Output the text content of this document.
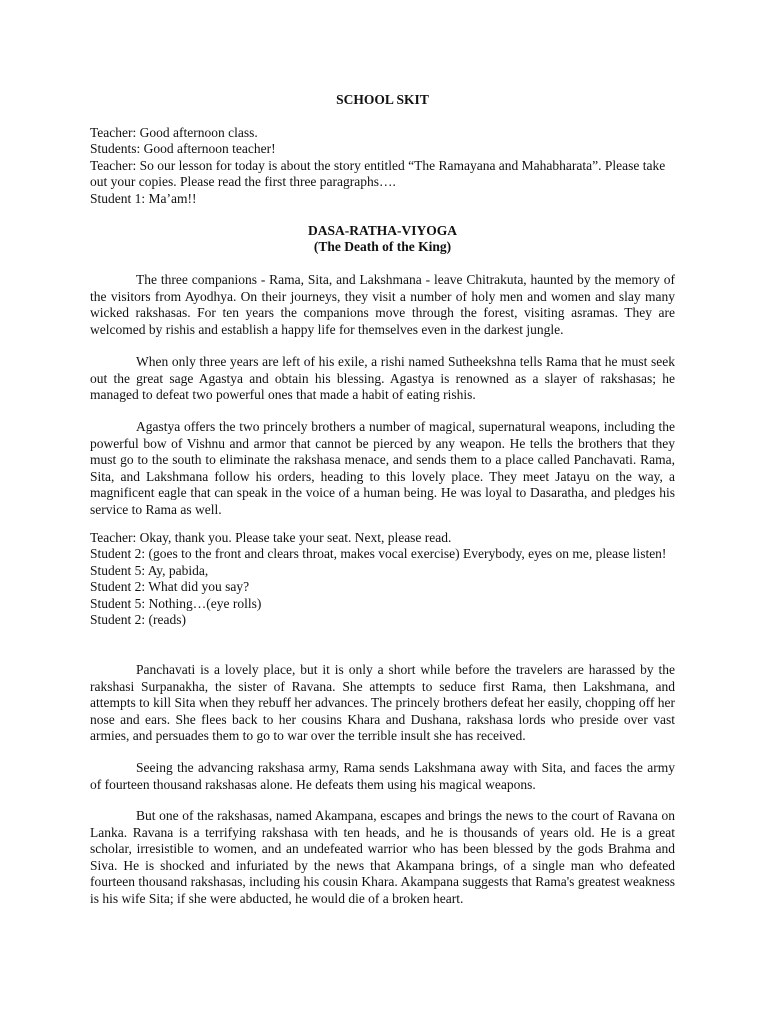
SCHOOL SKIT

Teacher: Good afternoon class.
Students: Good afternoon teacher!
Teacher: So our lesson for today is about the story entitled “The Ramayana and Mahabharata”. Please take out your copies. Please read the first three paragraphs….
Student 1: Ma’am!!
DASA-RATHA-VIYOGA
(The Death of the King)

The three companions - Rama, Sita, and Lakshmana - leave Chitrakuta, haunted by the memory of the visitors from Ayodhya. On their journeys, they visit a number of holy men and women and slay many wicked rakshasas. For ten years the companions move through the forest, visiting asramas. They are welcomed by rishis and establish a happy life for themselves even in the darkest jungle.

When only three years are left of his exile, a rishi named Sutheekshna tells Rama that he must seek out the great sage Agastya and obtain his blessing. Agastya is renowned as a slayer of rakshasas; he managed to defeat two powerful ones that made a habit of eating rishis.

Agastya offers the two princely brothers a number of magical, supernatural weapons, including the powerful bow of Vishnu and armor that cannot be pierced by any weapon. He tells the brothers that they must go to the south to eliminate the rakshasa menace, and sends them to a place called Panchavati. Rama, Sita, and Lakshmana follow his orders, heading to this lovely place. They meet Jatayu on the way, a magnificent eagle that can speak in the voice of a human being. He was loyal to Dasaratha, and pledges his service to Rama as well.

Teacher: Okay, thank you. Please take your seat. Next, please read.
Student 2: (goes to the front and clears throat, makes vocal exercise) Everybody, eyes on me, please listen!
Student 5: Ay, pabida,
Student 2: What did you say?
Student 5: Nothing…(eye rolls)
Student 2: (reads)

Panchavati is a lovely place, but it is only a short while before the travelers are harassed by the rakshasi Surpanakha, the sister of Ravana. She attempts to seduce first Rama, then Lakshmana, and attempts to kill Sita when they rebuff her advances. The princely brothers defeat her easily, chopping off her nose and ears. She flees back to her cousins Khara and Dushana, rakshasa lords who preside over vast armies, and persuades them to go to war over the terrible insult she has received.

Seeing the advancing rakshasa army, Rama sends Lakshmana away with Sita, and faces the army of fourteen thousand rakshasas alone. He defeats them using his magical weapons.

But one of the rakshasas, named Akampana, escapes and brings the news to the court of Ravana on Lanka. Ravana is a terrifying rakshasa with ten heads, and he is thousands of years old. He is a great scholar, irresistible to women, and an undefeated warrior who has been blessed by the gods Brahma and Siva. He is shocked and infuriated by the news that Akampana brings, of a single man who defeated fourteen thousand rakshasas, including his cousin Khara. Akampana suggests that Rama's greatest weakness is his wife Sita; if she were abducted, he would die of a broken heart.
